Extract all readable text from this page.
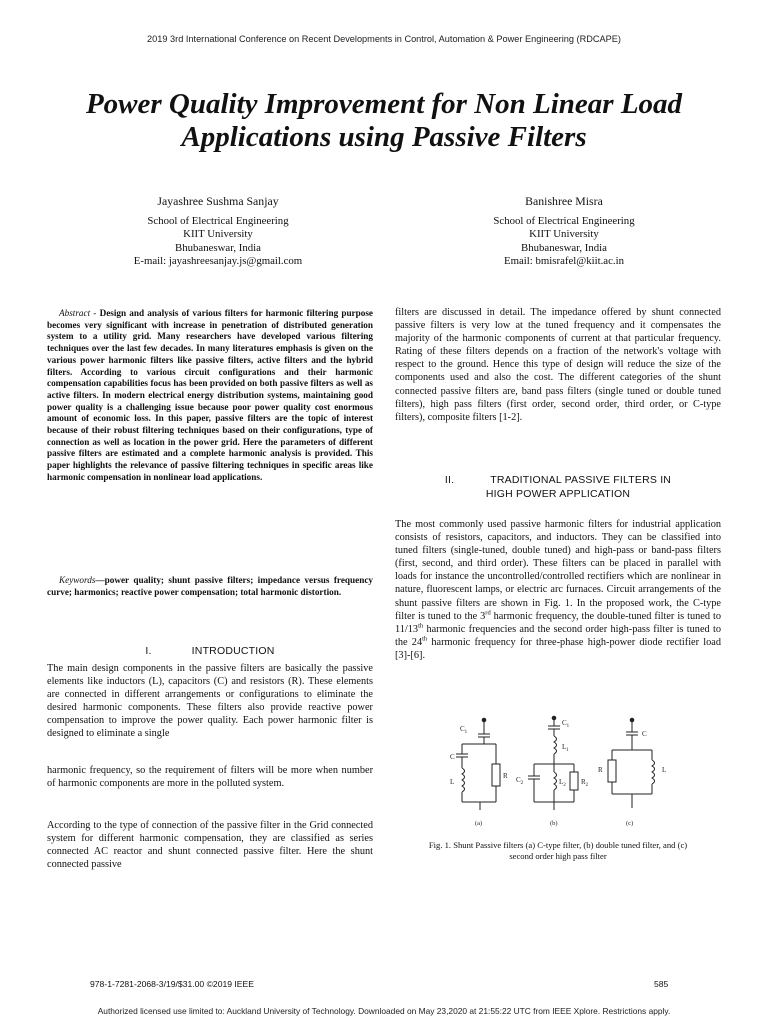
2019 3rd International Conference on Recent Developments in Control, Automation & Power Engineering (RDCAPE)
Power Quality Improvement for Non Linear Load
Applications using Passive Filters
Jayashree Sushma Sanjay
School of Electrical Engineering
KIIT University
Bhubaneswar, India
E-mail: jayashreesanjay.js@gmail.com
Banishree Misra
School of Electrical Engineering
KIIT University
Bhubaneswar, India
Email: bmisrafel@kiit.ac.in
Abstract - Design and analysis of various filters for harmonic filtering purpose becomes very significant with increase in penetration of distributed generation system to a utility grid. Many researchers have developed various filtering techniques over the last few decades. In many literatures emphasis is given on the various power harmonic filters like passive filters, active filters and the hybrid filters. According to various circuit configurations and their harmonic compensation capabilities focus has been provided on both passive filters as well as active filters. In modern electrical energy distribution systems, maintaining good power quality is a challenging issue because poor power quality cost enormous amount of economic loss. In this paper, passive filters are the topic of interest because of their robust filtering techniques based on their configurations, type of connection as well as location in the power grid. Here the parameters of different passive filters are estimated and a complete harmonic analysis is provided. This paper highlights the relevance of passive filtering techniques in specific areas like harmonic compensation in nonlinear load applications.
Keywords—power quality; shunt passive filters; impedance versus frequency curve; harmonics; reactive power compensation; total harmonic distortion.
I.	INTRODUCTION
The main design components in the passive filters are basically the passive elements like inductors (L), capacitors (C) and resistors (R). These elements are connected in different arrangements or configurations to eliminate the desired harmonic components. These filters also provide reactive power compensation to improve the power quality. Each power harmonic filter is designed to eliminate a single
harmonic frequency, so the requirement of filters will be more when number of harmonic components are more in the polluted system.
According to the type of connection of the passive filter in the Grid connected system for different harmonic compensation, they are classified as series connected AC reactor and shunt connected passive filter. Here the shunt connected passive
filters are discussed in detail. The impedance offered by shunt connected passive filters is very low at the tuned frequency and it compensates the majority of the harmonic components of current at that particular frequency. Rating of these filters depends on a fraction of the network's voltage with respect to the ground. Hence this type of design will reduce the size of the components used and also the cost. The different categories of the shunt connected passive filters are, band pass filters (single tuned or double tuned filters), high pass filters (first order, second order, third order, or C-type filters), composite filters [1-2].
II.	TRADITIONAL PASSIVE FILTERS IN
HIGH POWER APPLICATION
The most commonly used passive harmonic filters for industrial application consists of resistors, capacitors, and inductors. They can be classified into tuned filters (single-tuned, double tuned) and high-pass or band-pass filters (first, second, and third order). These filters can be placed in parallel with loads for instance the uncontrolled/controlled rectifiers which are nonlinear in nature, fluorescent lamps, or electric arc furnaces. Circuit arrangements of the shunt passive filters are shown in Fig. 1. In the proposed work, the C-type filter is tuned to the 3rd harmonic frequency, the double-tuned filter is tuned to 11/13th harmonic frequencies and the second order high-pass filter is tuned to the 24th harmonic frequency for three-phase high-power diode rectifier load [3]-[6].
$C_1$
C
L
R
(a)
$C_1$
$L_1$
$C_2$	$L_2$ $R_2$
(b)
C
R	L
(c)
Fig. 1. Shunt Passive filters (a) C-type filter, (b) double tuned filter, and (c)
second order high pass filter
978-1-7281-2068-3/19/$31.00 ©2019 IEEE	585
Authorized licensed use limited to: Auckland University of Technology. Downloaded on May 23,2020 at 21:55:22 UTC from IEEE Xplore. Restrictions apply.
